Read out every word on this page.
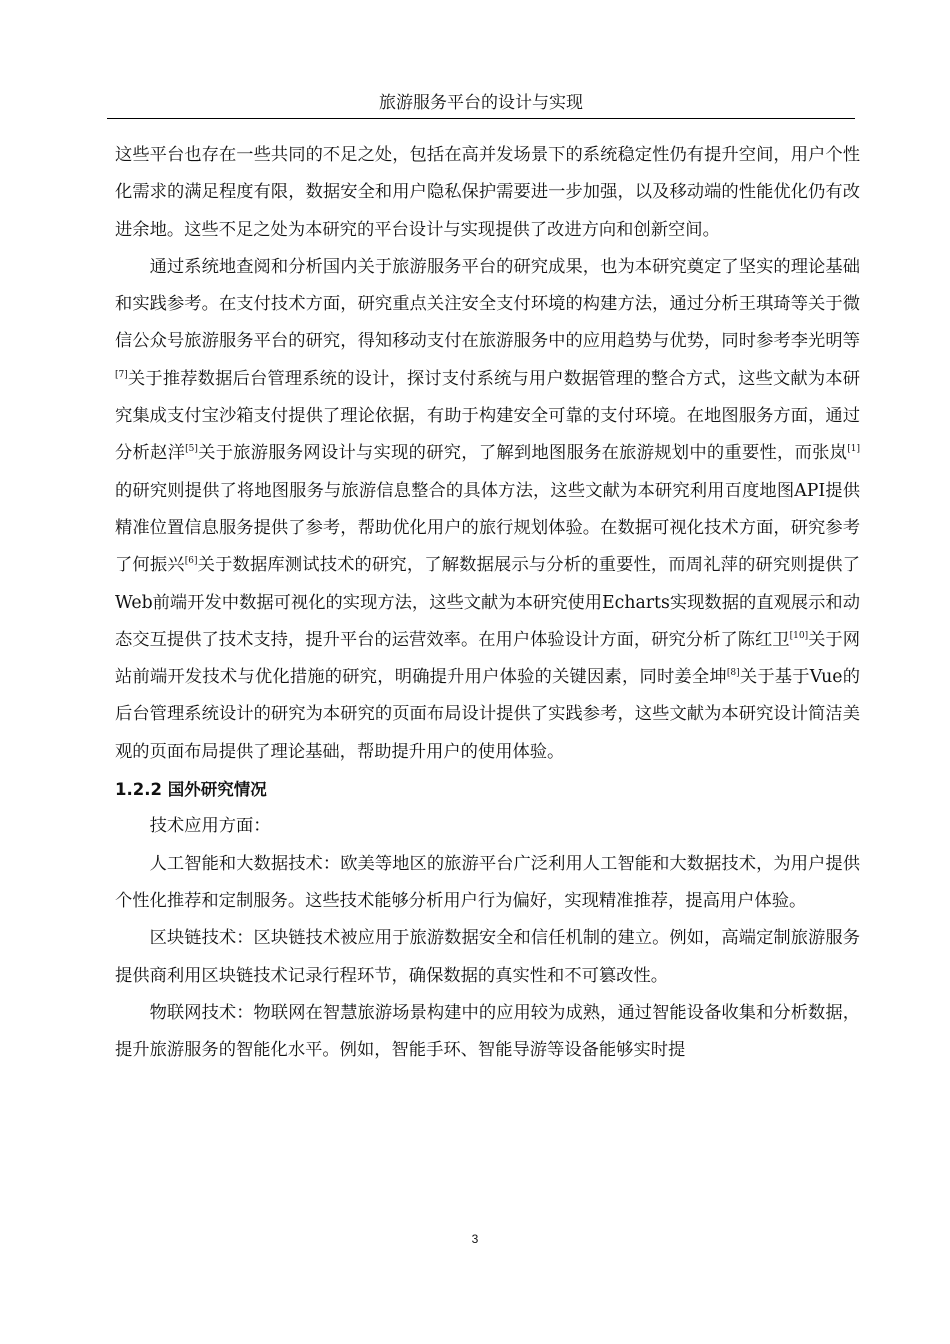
旅游服务平台的设计与实现

这些平台也存在一些共同的不足之处，包括在高并发场景下的系统稳定性仍有提升空间，用户个性化需求的满足程度有限，数据安全和用户隐私保护需要进一步加强，以及移动端的性能优化仍有改进余地。这些不足之处为本研究的平台设计与实现提供了改进方向和创新空间。

通过系统地查阅和分析国内关于旅游服务平台的研究成果，也为本研究奠定了坚实的理论基础和实践参考。在支付技术方面，研究重点关注安全支付环境的构建方法，通过分析王琪琦等关于微信公众号旅游服务平台的研究，得知移动支付在旅游服务中的应用趋势与优势，同时参考李光明等[7]关于推荐数据后台管理系统的设计，探讨支付系统与用户数据管理的整合方式，这些文献为本研究集成支付宝沙箱支付提供了理论依据，有助于构建安全可靠的支付环境。在地图服务方面，通过分析赵洋[5]关于旅游服务网设计与实现的研究，了解到地图服务在旅游规划中的重要性，而张岚[1]的研究则提供了将地图服务与旅游信息整合的具体方法，这些文献为本研究利用百度地图API提供精准位置信息服务提供了参考，帮助优化用户的旅行规划体验。在数据可视化技术方面，研究参考了何振兴[6]关于数据库测试技术的研究，了解数据展示与分析的重要性，而周礼萍的研究则提供了Web前端开发中数据可视化的实现方法，这些文献为本研究使用Echarts实现数据的直观展示和动态交互提供了技术支持，提升平台的运营效率。在用户体验设计方面，研究分析了陈红卫[10]关于网站前端开发技术与优化措施的研究，明确提升用户体验的关键因素，同时姜全坤[8]关于基于Vue的后台管理系统设计的研究为本研究的页面布局设计提供了实践参考，这些文献为本研究设计简洁美观的页面布局提供了理论基础，帮助提升用户的使用体验。

1.2.2 国外研究情况

技术应用方面：

人工智能和大数据技术：欧美等地区的旅游平台广泛利用人工智能和大数据技术，为用户提供个性化推荐和定制服务。这些技术能够分析用户行为偏好，实现精准推荐，提高用户体验。

区块链技术：区块链技术被应用于旅游数据安全和信任机制的建立。例如，高端定制旅游服务提供商利用区块链技术记录行程环节，确保数据的真实性和不可篡改性。

物联网技术：物联网在智慧旅游场景构建中的应用较为成熟，通过智能设备收集和分析数据，提升旅游服务的智能化水平。例如，智能手环、智能导游等设备能够实时提

3
